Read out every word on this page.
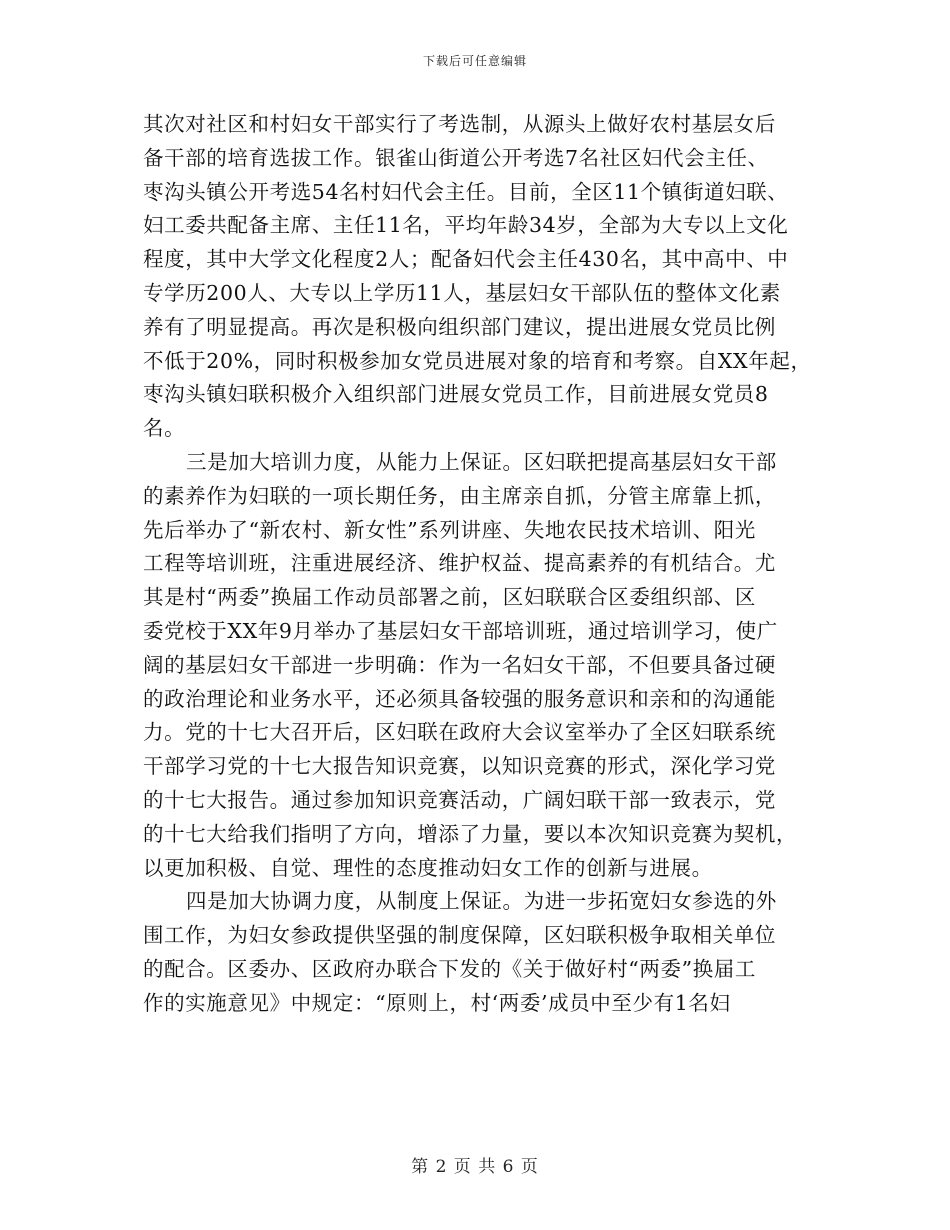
下载后可任意编辑
其次对社区和村妇女干部实行了考选制，从源头上做好农村基层女后
备干部的培育选拔工作。银雀山街道公开考选7名社区妇代会主任、
枣沟头镇公开考选54名村妇代会主任。目前，全区11个镇街道妇联、
妇工委共配备主席、主任11名，平均年龄34岁，全部为大专以上文化
程度，其中大学文化程度2人；配备妇代会主任430名，其中高中、中
专学历200人、大专以上学历11人，基层妇女干部队伍的整体文化素
养有了明显提高。再次是积极向组织部门建议，提出进展女党员比例
不低于20%，同时积极参加女党员进展对象的培育和考察。自XX年起，
枣沟头镇妇联积极介入组织部门进展女党员工作，目前进展女党员8
名。
三是加大培训力度，从能力上保证。区妇联把提高基层妇女干部
的素养作为妇联的一项长期任务，由主席亲自抓，分管主席靠上抓，
先后举办了“新农村、新女性”系列讲座、失地农民技术培训、阳光
工程等培训班，注重进展经济、维护权益、提高素养的有机结合。尤
其是村“两委”换届工作动员部署之前，区妇联联合区委组织部、区
委党校于XX年9月举办了基层妇女干部培训班，通过培训学习，使广
阔的基层妇女干部进一步明确：作为一名妇女干部，不但要具备过硬
的政治理论和业务水平，还必须具备较强的服务意识和亲和的沟通能
力。党的十七大召开后，区妇联在政府大会议室举办了全区妇联系统
干部学习党的十七大报告知识竞赛，以知识竞赛的形式，深化学习党
的十七大报告。通过参加知识竞赛活动，广阔妇联干部一致表示，党
的十七大给我们指明了方向，增添了力量，要以本次知识竞赛为契机，
以更加积极、自觉、理性的态度推动妇女工作的创新与进展。
四是加大协调力度，从制度上保证。为进一步拓宽妇女参选的外
围工作，为妇女参政提供坚强的制度保障，区妇联积极争取相关单位
的配合。区委办、区政府办联合下发的《关于做好村“两委”换届工
作的实施意见》中规定：“原则上，村‘两委’成员中至少有1名妇
第 2 页 共 6 页
